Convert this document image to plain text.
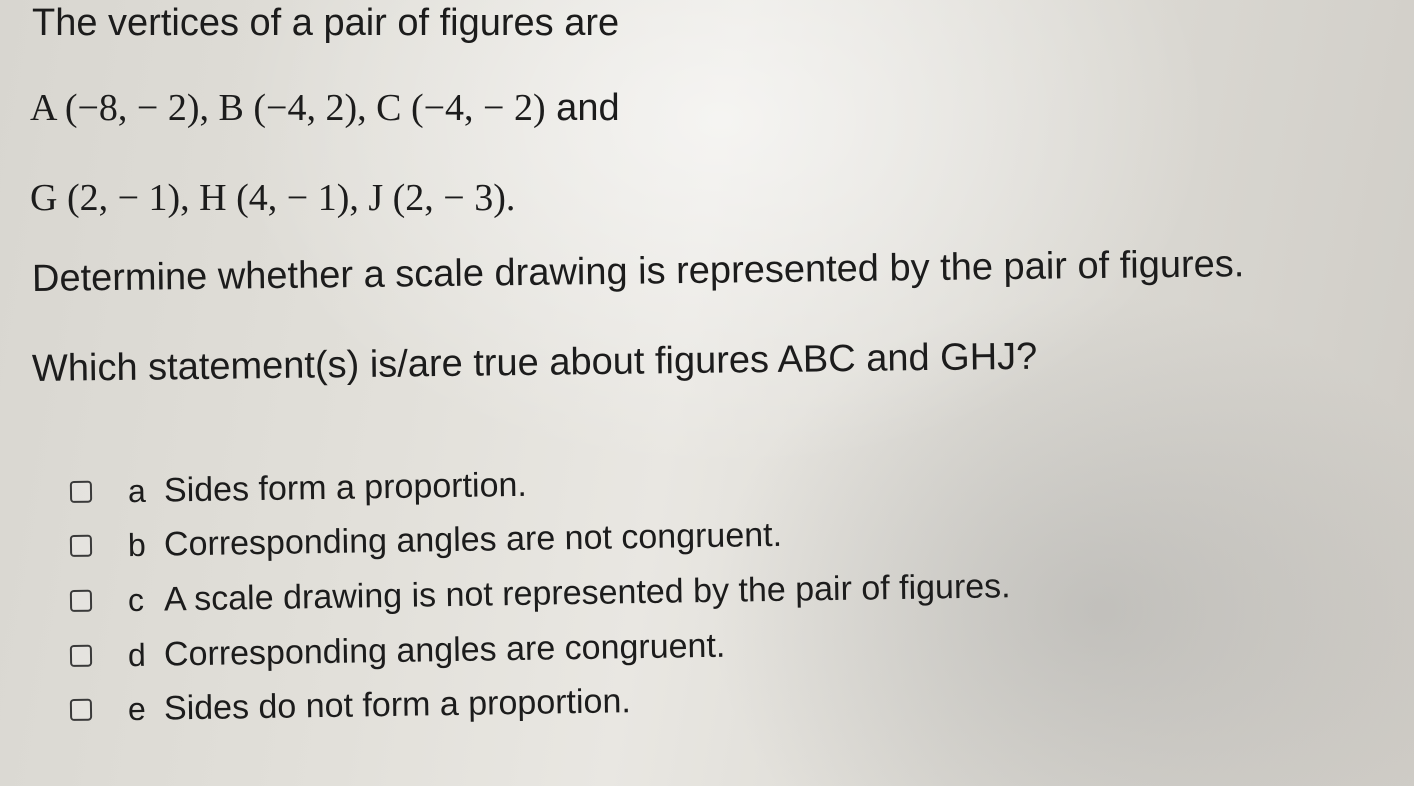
The vertices of a pair of figures are
A (−8, − 2), B (−4, 2), C (−4, − 2) and
G (2, − 1), H (4, − 1), J (2, − 3).
Determine whether a scale drawing is represented by the pair of figures.
Which statement(s) is/are true about figures ABC and GHJ?
a Sides form a proportion.
b Corresponding angles are not congruent.
c A scale drawing is not represented by the pair of figures.
d Corresponding angles are congruent.
e Sides do not form a proportion.
